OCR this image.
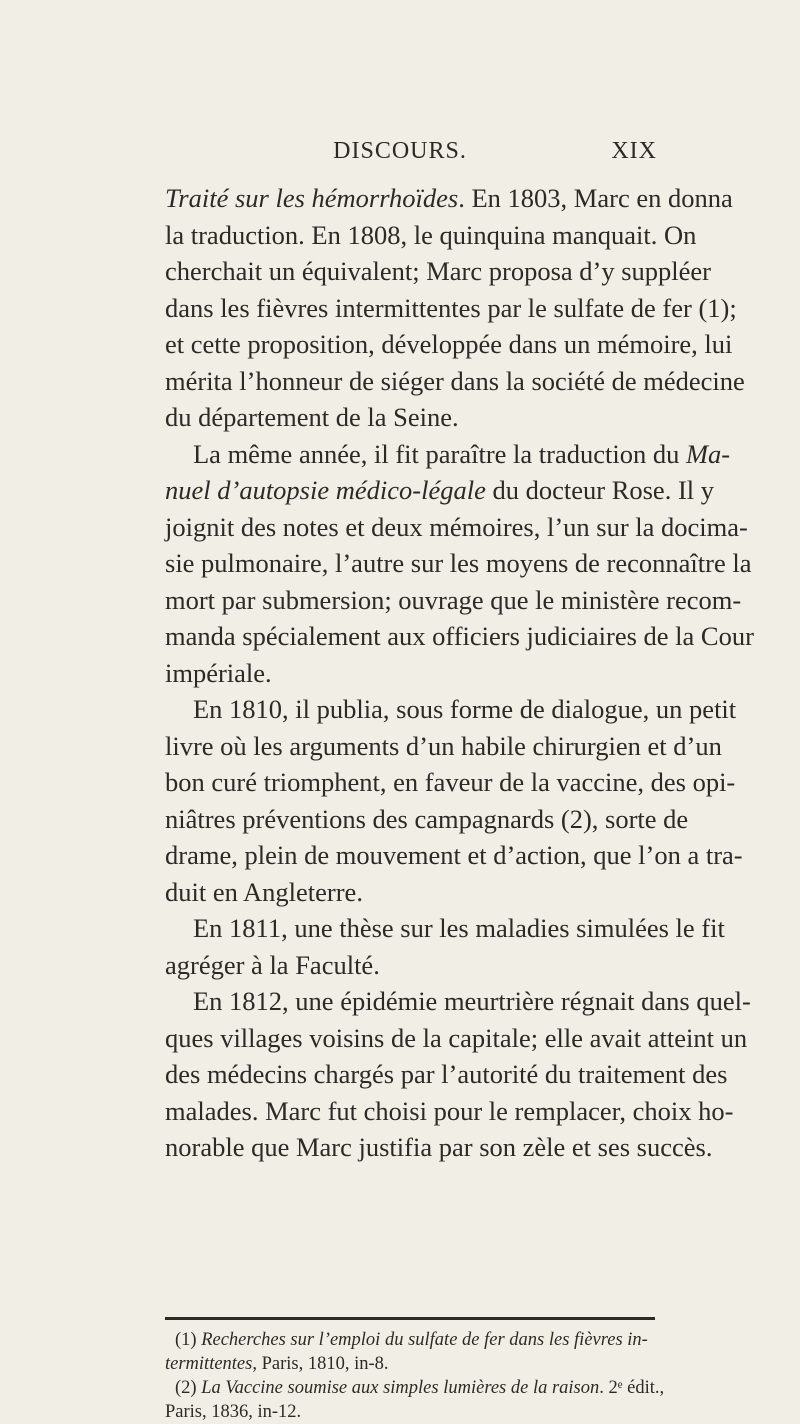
DISCOURS.	XIX
Traité sur les hémorrhoïdes. En 1803, Marc en donna
la traduction. En 1808, le quinquina manquait. On
cherchait un équivalent; Marc proposa d’y suppléer
dans les fièvres intermittentes par le sulfate de fer (1);
et cette proposition, développée dans un mémoire, lui
mérita l’honneur de siéger dans la société de médecine
du département de la Seine.
La même année, il fit paraître la traduction du Ma-
nuel d’autopsie médico-légale du docteur Rose. Il y
joignit des notes et deux mémoires, l’un sur la docima-
sie pulmonaire, l’autre sur les moyens de reconnaître la
mort par submersion; ouvrage que le ministère recom-
manda spécialement aux officiers judiciaires de la Cour
impériale.
En 1810, il publia, sous forme de dialogue, un petit
livre où les arguments d’un habile chirurgien et d’un
bon curé triomphent, en faveur de la vaccine, des opi-
niâtres préventions des campagnards (2), sorte de
drame, plein de mouvement et d’action, que l’on a tra-
duit en Angleterre.
En 1811, une thèse sur les maladies simulées le fit
agréger à la Faculté.
En 1812, une épidémie meurtrière régnait dans quel-
ques villages voisins de la capitale; elle avait atteint un
des médecins chargés par l’autorité du traitement des
malades. Marc fut choisi pour le remplacer, choix ho-
norable que Marc justifia par son zèle et ses succès.
(1) Recherches sur l’emploi du sulfate de fer dans les fièvres in-
termittentes, Paris, 1810, in-8.
(2) La Vaccine soumise aux simples lumières de la raison. 2ᵉ édit.,
Paris, 1836, in-12.
